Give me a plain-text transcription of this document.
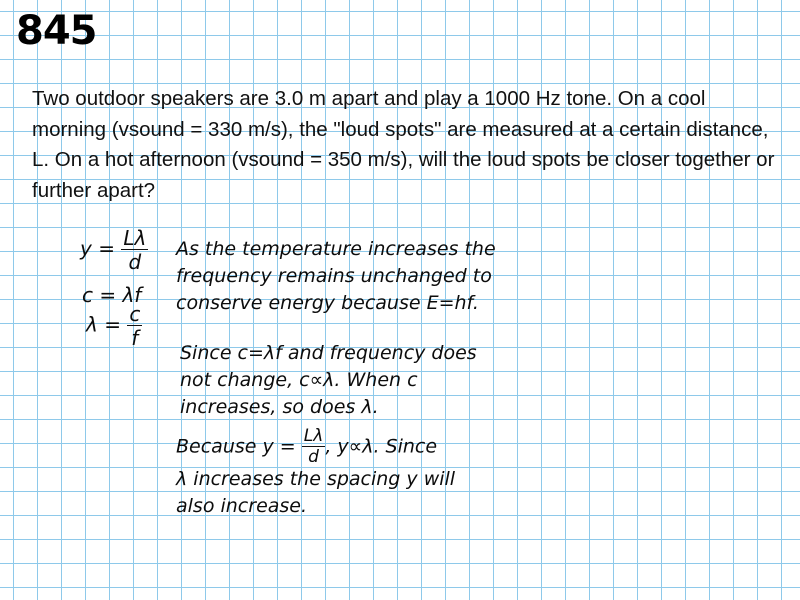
845

Two outdoor speakers are 3.0 m apart and play a 1000 Hz tone. On a cool morning (vsound = 330 m/s), the "loud spots" are measured at a certain distance, L. On a hot afternoon (vsound = 350 m/s), will the loud spots be closer together or further apart?

$y = \frac{L\lambda}{d}$
c = λf
$\lambda = \frac{c}{f}$
As the temperature increases the
frequency remains unchanged to
conserve energy because E=hf.
Since c=λf and frequency does
not change, c∝λ. When c
increases, so does λ.
Because $y = \frac{L\lambda}{d}$ , y∝λ. Since
λ increases the spacing y will
also increase.
